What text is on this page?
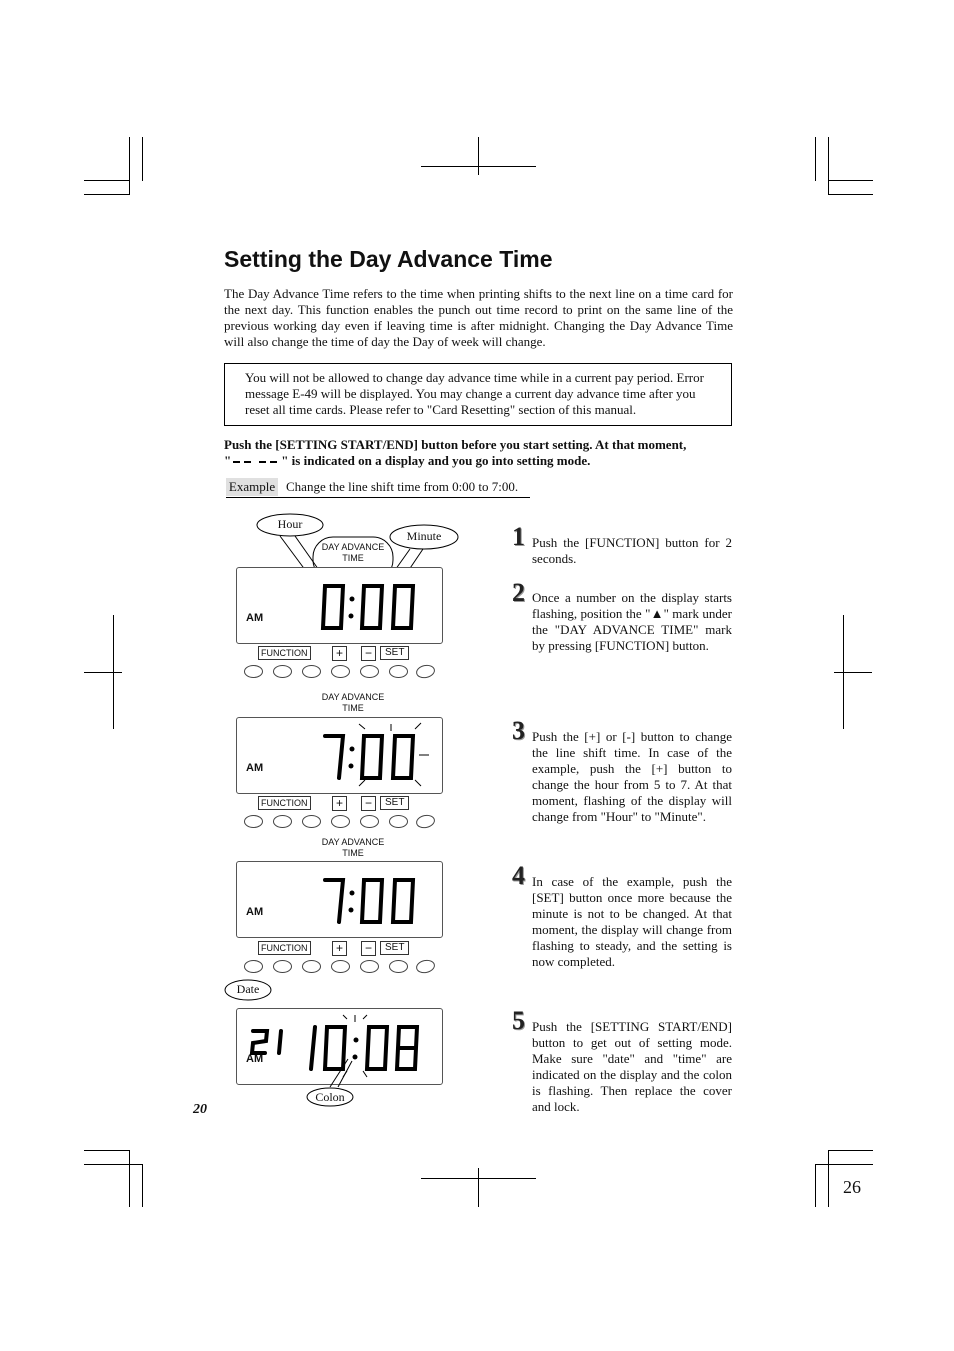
Setting the Day Advance Time
The Day Advance Time refers to the time when printing shifts to the next line on a time card for the next day. This function enables the punch out time record to print on the same line of the previous working day even if leaving time is after midnight. Changing the Day Advance Time will also change the time of day the Day of week will change.
You will not be allowed to change day advance time while in a current pay period. Error message E-49 will be displayed. You may change a current day advance time after you reset all time cards. Please refer to "Card Resetting" section of this manual.
Push the [SETTING START/END] button before you start setting. At that moment,
"	" is indicated on a display and you go into setting mode.
Example Change the line shift time from 0:00 to 7:00.
1 Push the [FUNCTION] button for 2 seconds.
2 Once a number on the display starts flashing, position the "▲" mark under the "DAY ADVANCE TIME" mark by pressing [FUNCTION] button.
3 Push the [+] or [-] button to change the line shift time. In case of the example, push the [+] button to change the hour from 5 to 7. At that moment, flashing of the display will change from "Hour" to "Minute".
4 In case of the example, push the [SET] button once more because the minute is not to be changed. At that moment, the display will change from flashing to steady, and the setting is now completed.
5 Push the [SETTING START/END] button to get out of setting mode. Make sure "date" and "time" are indicated on the display and the colon is flashing. Then replace the cover and lock.
Hour
Minute
DAY ADVANCE
TIME
AM
FUNCTION	+	−	SET
DAY ADVANCE
TIME
AM
FUNCTION	+	−	SET
DAY ADVANCE
TIME
AM
FUNCTION	+	−	SET
Date
AM
Colon
20
26
